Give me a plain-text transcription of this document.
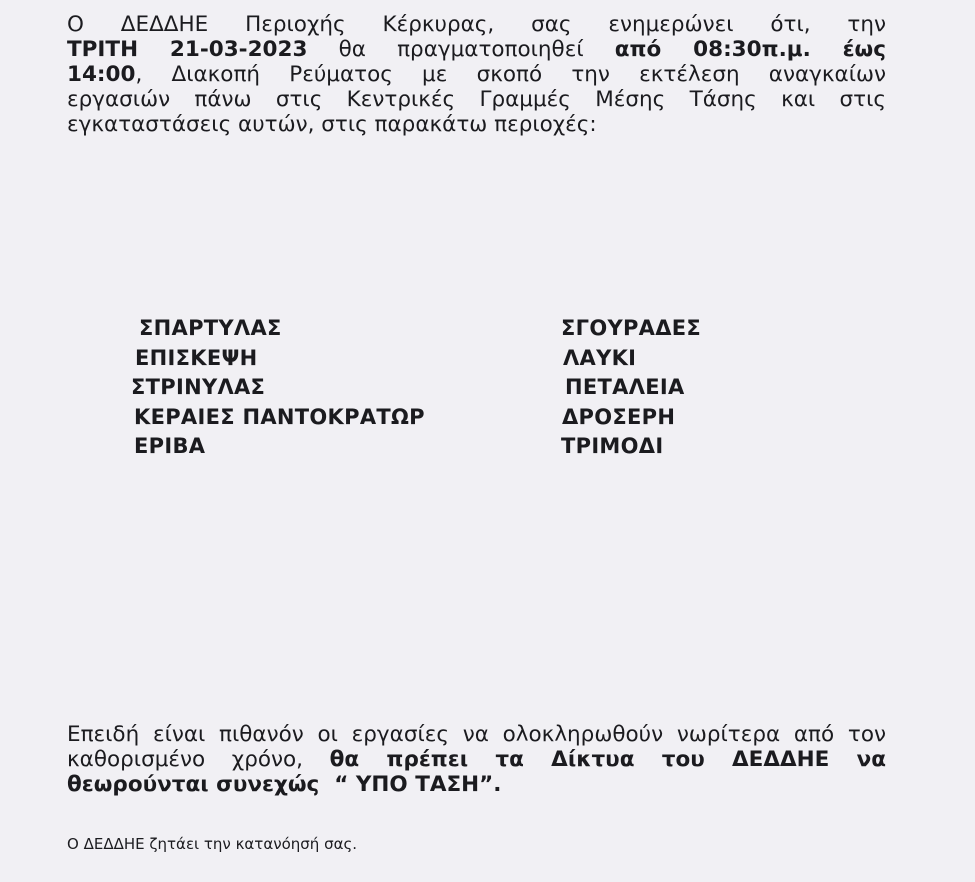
Ο ΔΕΔΔΗΕ Περιοχής Κέρκυρας, σας ενημερώνει ότι, την
ΤΡΙΤΗ 21-03-2023 θα πραγματοποιηθεί από 08:30π.μ. έως
14:00, Διακοπή Ρεύματος με σκοπό την εκτέλεση αναγκαίων
εργασιών πάνω στις Κεντρικές Γραμμές Μέσης Τάσης και στις
εγκαταστάσεις αυτών, στις παρακάτω περιοχές:
ΣΠΑΡΤΥΛΑΣ
ΕΠΙΣΚΕΨΗ
ΣΤΡΙΝΥΛΑΣ
ΚΕΡΑΙΕΣ ΠΑΝΤΟΚΡΑΤΩΡ
ΕΡΙΒΑ
ΣΓΟΥΡΑΔΕΣ
ΛΑΥΚΙ
ΠΕΤΑΛΕΙΑ
ΔΡΟΣΕΡΗ
ΤΡΙΜΟΔΙ
Επειδή είναι πιθανόν οι εργασίες να ολοκληρωθούν νωρίτερα από τον
καθορισμένο χρόνο, θα πρέπει τα Δίκτυα του ΔΕΔΔΗΕ να
θεωρούνται συνεχώς  “ ΥΠΟ ΤΑΣΗ”.
Ο ΔΕΔΔΗΕ ζητάει την κατανόησή σας.
